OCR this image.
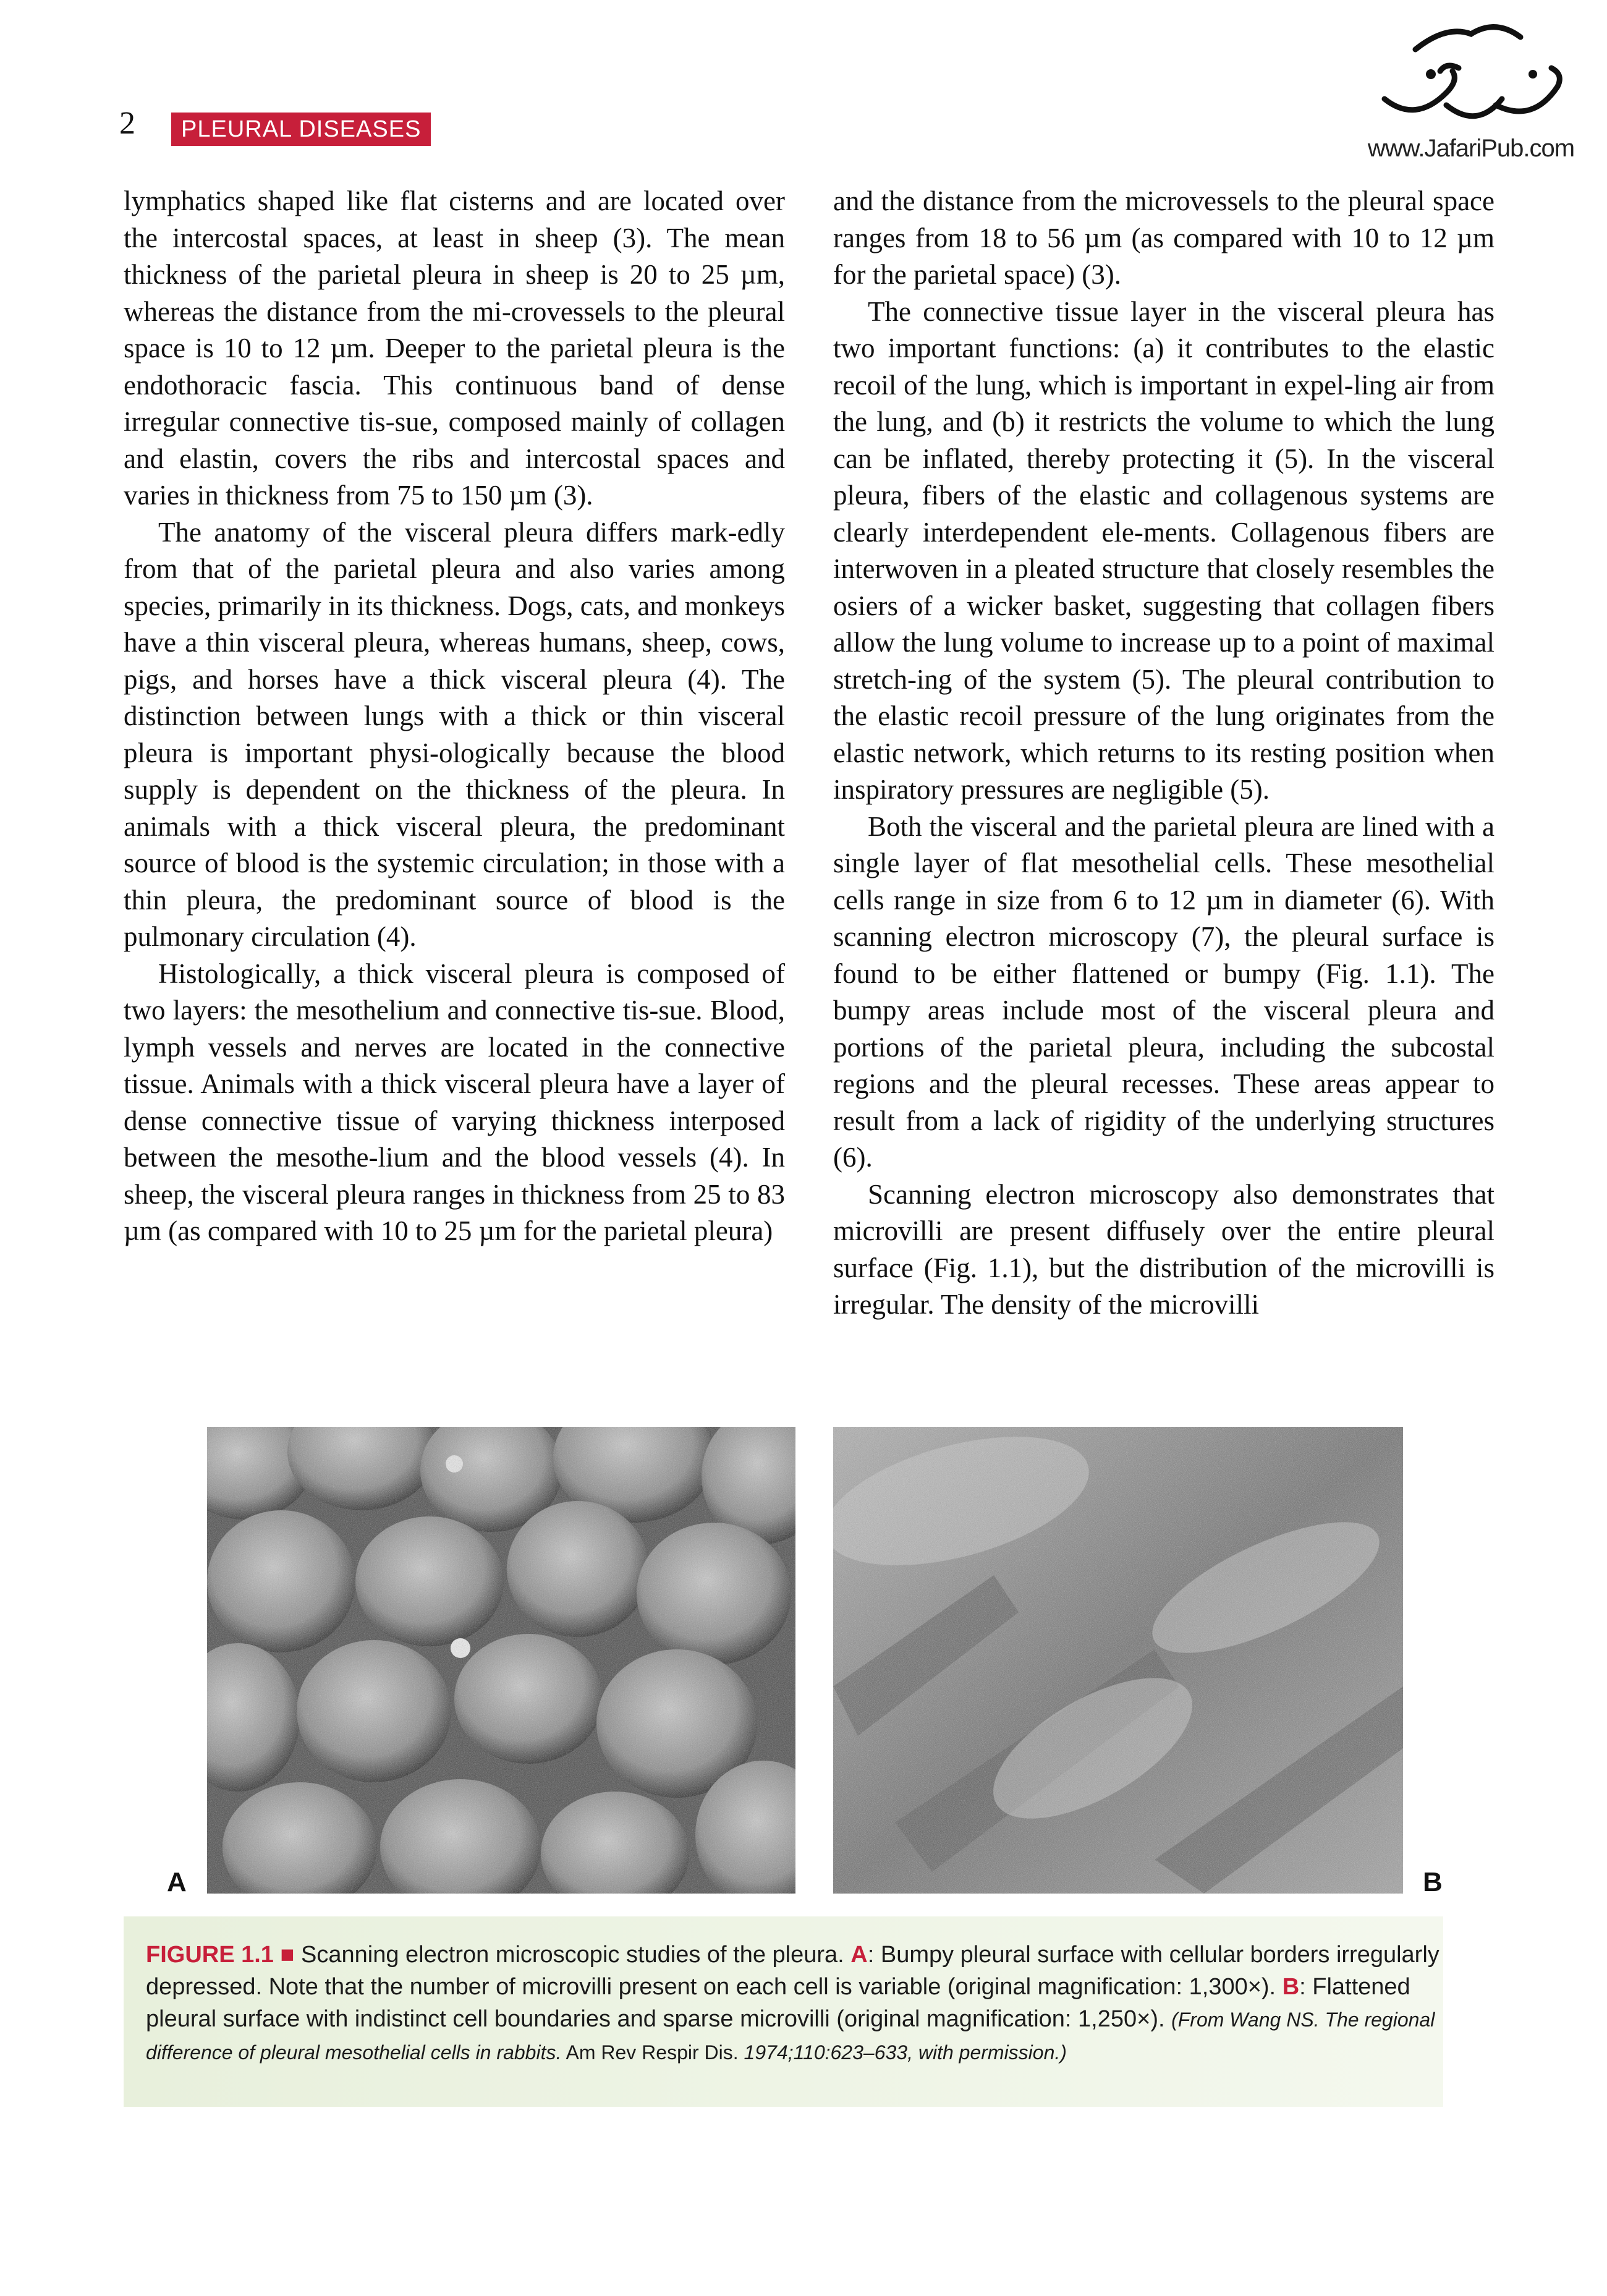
2	PLEURAL DISEASES
www.JafariPub.com

lymphatics shaped like flat cisterns and are located over the intercostal spaces, at least in sheep (3). The mean thickness of the parietal pleura in sheep is 20 to 25 µm, whereas the distance from the mi-crovessels to the pleural space is 10 to 12 µm. Deeper to the parietal pleura is the endothoracic fascia. This continuous band of dense irregular connective tis-sue, composed mainly of collagen and elastin, covers the ribs and intercostal spaces and varies in thickness from 75 to 150 µm (3).

The anatomy of the visceral pleura differs mark-edly from that of the parietal pleura and also varies among species, primarily in its thickness. Dogs, cats, and monkeys have a thin visceral pleura, whereas humans, sheep, cows, pigs, and horses have a thick visceral pleura (4). The distinction between lungs with a thick or thin visceral pleura is important physi-ologically because the blood supply is dependent on the thickness of the pleura. In animals with a thick visceral pleura, the predominant source of blood is the systemic circulation; in those with a thin pleura, the predominant source of blood is the pulmonary circulation (4).

Histologically, a thick visceral pleura is composed of two layers: the mesothelium and connective tis-sue. Blood, lymph vessels and nerves are located in the connective tissue. Animals with a thick visceral pleura have a layer of dense connective tissue of varying thickness interposed between the mesothe-lium and the blood vessels (4). In sheep, the visceral pleura ranges in thickness from 25 to 83 µm (as compared with 10 to 25 µm for the parietal pleura)

and the distance from the microvessels to the pleural space ranges from 18 to 56 µm (as compared with 10 to 12 µm for the parietal space) (3).

The connective tissue layer in the visceral pleura has two important functions: (a) it contributes to the elastic recoil of the lung, which is important in expel-ling air from the lung, and (b) it restricts the volume to which the lung can be inflated, thereby protecting it (5). In the visceral pleura, fibers of the elastic and collagenous systems are clearly interdependent ele-ments. Collagenous fibers are interwoven in a pleated structure that closely resembles the osiers of a wicker basket, suggesting that collagen fibers allow the lung volume to increase up to a point of maximal stretch-ing of the system (5). The pleural contribution to the elastic recoil pressure of the lung originates from the elastic network, which returns to its resting position when inspiratory pressures are negligible (5).

Both the visceral and the parietal pleura are lined with a single layer of flat mesothelial cells. These mesothelial cells range in size from 6 to 12 µm in diameter (6). With scanning electron microscopy (7), the pleural surface is found to be either flattened or bumpy (Fig. 1.1). The bumpy areas include most of the visceral pleura and portions of the parietal pleura, including the subcostal regions and the pleural recesses. These areas appear to result from a lack of rigidity of the underlying structures (6).

Scanning electron microscopy also demonstrates that microvilli are present diffusely over the entire pleural surface (Fig. 1.1), but the distribution of the microvilli is irregular. The density of the microvilli

A	B
FIGURE 1.1 ■ Scanning electron microscopic studies of the pleura. A: Bumpy pleural surface with cellular borders irregularly depressed. Note that the number of microvilli present on each cell is variable (original magnification: 1,300×). B: Flattened pleural surface with indistinct cell boundaries and sparse microvilli (original magnification: 1,250×). (From Wang NS. The regional difference of pleural mesothelial cells in rabbits. Am Rev Respir Dis. 1974;110:623–633, with permission.)
